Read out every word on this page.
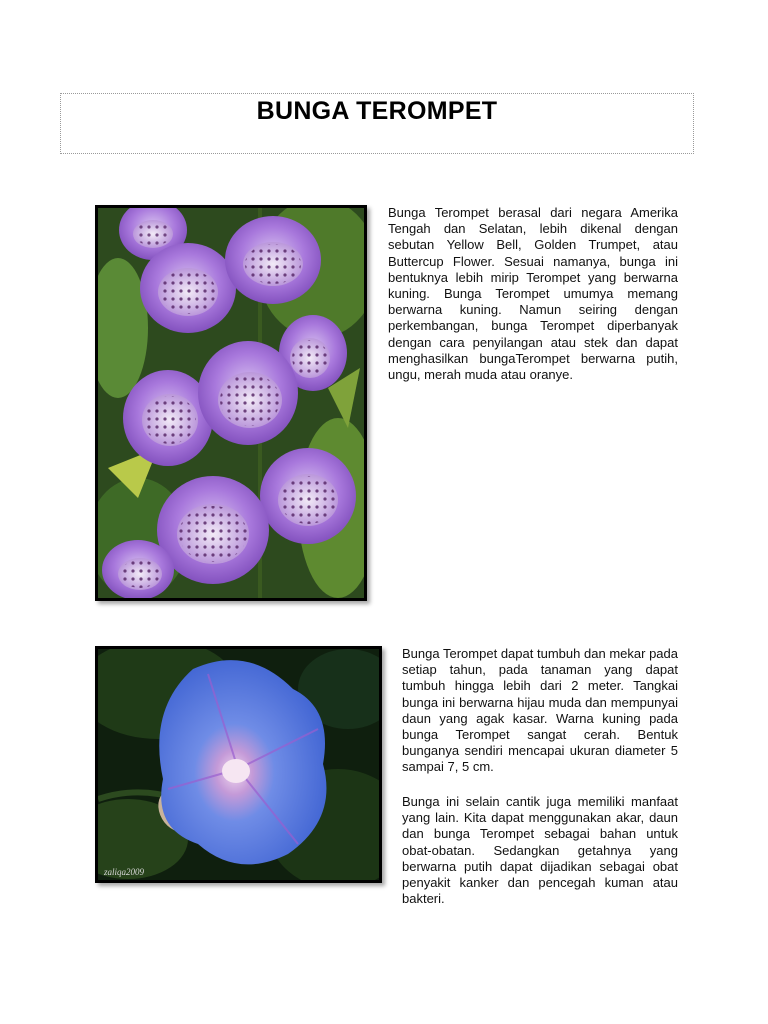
BUNGA TEROMPET

Bunga Terompet berasal dari negara Amerika Tengah dan Selatan, lebih dikenal dengan sebutan Yellow Bell, Golden Trumpet, atau Buttercup Flower. Sesuai namanya, bunga ini bentuknya lebih mirip Terompet yang berwarna kuning. Bunga Terompet umumya memang berwarna kuning. Namun seiring dengan perkembangan, bunga Terompet diperbanyak dengan cara penyilangan atau stek dan dapat menghasilkan bungaTerompet berwarna putih, ungu, merah muda atau oranye.

zaliqa2009

Bunga Terompet dapat tumbuh dan mekar pada setiap tahun, pada tanaman yang dapat tumbuh hingga lebih dari 2 meter. Tangkai bunga ini berwarna hijau muda dan mempunyai daun yang agak kasar. Warna kuning pada bunga Terompet sangat cerah. Bentuk bunganya sendiri mencapai ukuran diameter 5 sampai 7, 5 cm.

Bunga ini selain cantik juga memiliki manfaat yang lain. Kita dapat menggunakan akar, daun dan bunga Terompet sebagai bahan untuk obat-obatan. Sedangkan getahnya yang berwarna putih dapat dijadikan sebagai obat penyakit kanker dan pencegah kuman atau bakteri.
